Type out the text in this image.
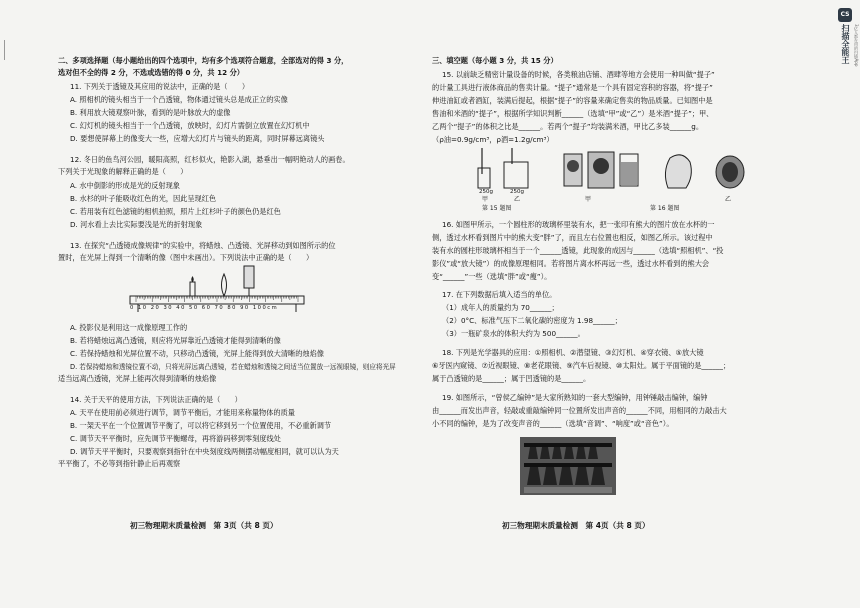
二、多项选择题（每小题给出的四个选项中，均有多个选项符合题意，全部选对的得 3 分，
选对但不全的得 2 分，不选或选错的得 0 分，共 12 分）
11. 下列关于透镜及其应用的说法中，正确的是（　　）
A. 照相机的镜头相当于一个凸透镜，物体通过镜头总是成正立的实像
B. 利用放大镜观察叶脉，看到的是叶脉放大的虚像
C. 幻灯机的镜头相当于一个凸透镜，放映时，幻灯片需倒立放置在幻灯机中
D. 要想使屏幕上的像变大一些，应增大幻灯片与镜头的距离，同时屏幕远离镜头
12. 冬日的鱼鸟河公园，暖阳高照，红杉似火，艳影入湖，悬垂出一幅明艳动人的画卷。
下列关于光现象的解释正确的是（　　）
A. 水中倒影的形成是光的反射现象
B. 水杉的叶子能吸收红色的光，因此呈现红色
C. 若用装有红色滤镜的相机拍照，照片上红杉叶子的颜色仍是红色
D. 河水看上去比实际要浅是光的折射现象
13. 在探究“凸透镜成像规律”的实验中，将蜡烛、凸透镜、光屏移动到如图所示的位
置时，在光屏上得到一个清晰的像（图中未画出）。下列说法中正确的是（　　）
0 10 20 30 40 50 60 70 80 90 100cm
A. 投影仪是利用这一成像原理工作的
B. 若将蜡烛远离凸透镜，则应将光屏靠近凸透镜才能得到清晰的像
C. 若保持蜡烛和光屏位置不动，只移动凸透镜，光屏上能得到放大清晰的烛焰像
D. 若保持蜡烛和透镜位置不动，只将光屏远离凸透镜，若在蜡烛和透镜之间适当位置放一远视眼镜，则应将光屏
适当远离凸透镜，光屏上能再次得到清晰的烛焰像
14. 关于天平的使用方法，下列说法正确的是（　　）
A. 天平在使用前必须进行调节，调节平衡后，才能用来称量物体的质量
B. 一架天平在一个位置调节平衡了，可以将它移到另一个位置使用，不必重新调节
C. 调节天平平衡时，应先调节平衡螺母，再将游码移到零刻度线处
D. 调节天平平衡时，只要观察到指针在中央刻度线两侧摆动幅度相同，就可以认为天
平平衡了，不必等到指针静止后再观察
初三物理期末质量检测　第 3页（共 8 页）
三、填空题（每小题 3 分，共 15 分）
15. 以前缺乏精密计量设备的时候，各类粮油店铺、酒肆等地方会使用一种叫做“提子”
的计量工具进行液体商品的售卖计量。“提子”通常是一个具有固定容积的容器，将“提子”
伸进油缸或者酒缸，装满后提起，根据“提子”的容量来确定售卖的物品质量。已知图中是
售油和米酒的“提子”，根据所学知识判断______（选填“甲”或“乙”）是米酒“提子”；甲、
乙两个“提子”的体积之比是______。若两个“提子”均装满米酒，甲比乙多装______g。
（ρ油=0.9g/cm³，ρ酒=1.2g/cm³）
250g
甲
250g
乙
第 15 题图
甲	乙
第 16 题图
16. 如图甲所示，一个圆柱形的玻璃杯里装有水，把一张印有熊大的图片放在水杯的一
侧，透过水杯看到图片中的熊大变“胖”了，而且左右位置也相反，如图乙所示。该过程中
装有水的圆柱形玻璃杯相当于一个______透镜，此现象的成因与______（选填“照相机”、“投
影仪”或“放大镜”）的成像原理相同。若将图片离水杯再远一些，透过水杯看到的熊大会
变“______”一些（选填“胖”或“瘦”）。
17. 在下列数据后填入适当的单位。
（1）成年人的质量约为 70______；
（2）0°C、标准气压下二氧化碳的密度为 1.98______；
（3）一瓶矿泉水的体积大约为 500______。
18. 下列是光学器具的应用：①照相机、②潜望镜、③幻灯机、④穿衣镜、⑤放大镜
⑥牙医内窥镜、⑦近视眼镜、⑧老花眼镜、⑨汽车后视镜、⑩太阳灶。属于平面镜的是______；
属于凸透镜的是______；属于凹透镜的是______。
19. 如图所示，“曾侯乙编钟”是大家所熟知的一套大型编钟，用钟锤敲击编钟，编钟
由______而发出声音，轻敲或重敲编钟同一位置所发出声音的______不同，用相同的力敲击大
小不同的编钟，是为了改变声音的______（选填“音调”、“响度”或“音色”）。
初三物理期末质量检测　第 4页（共 8 页）
CS
扫描全能王 3亿人都在用的扫描App
